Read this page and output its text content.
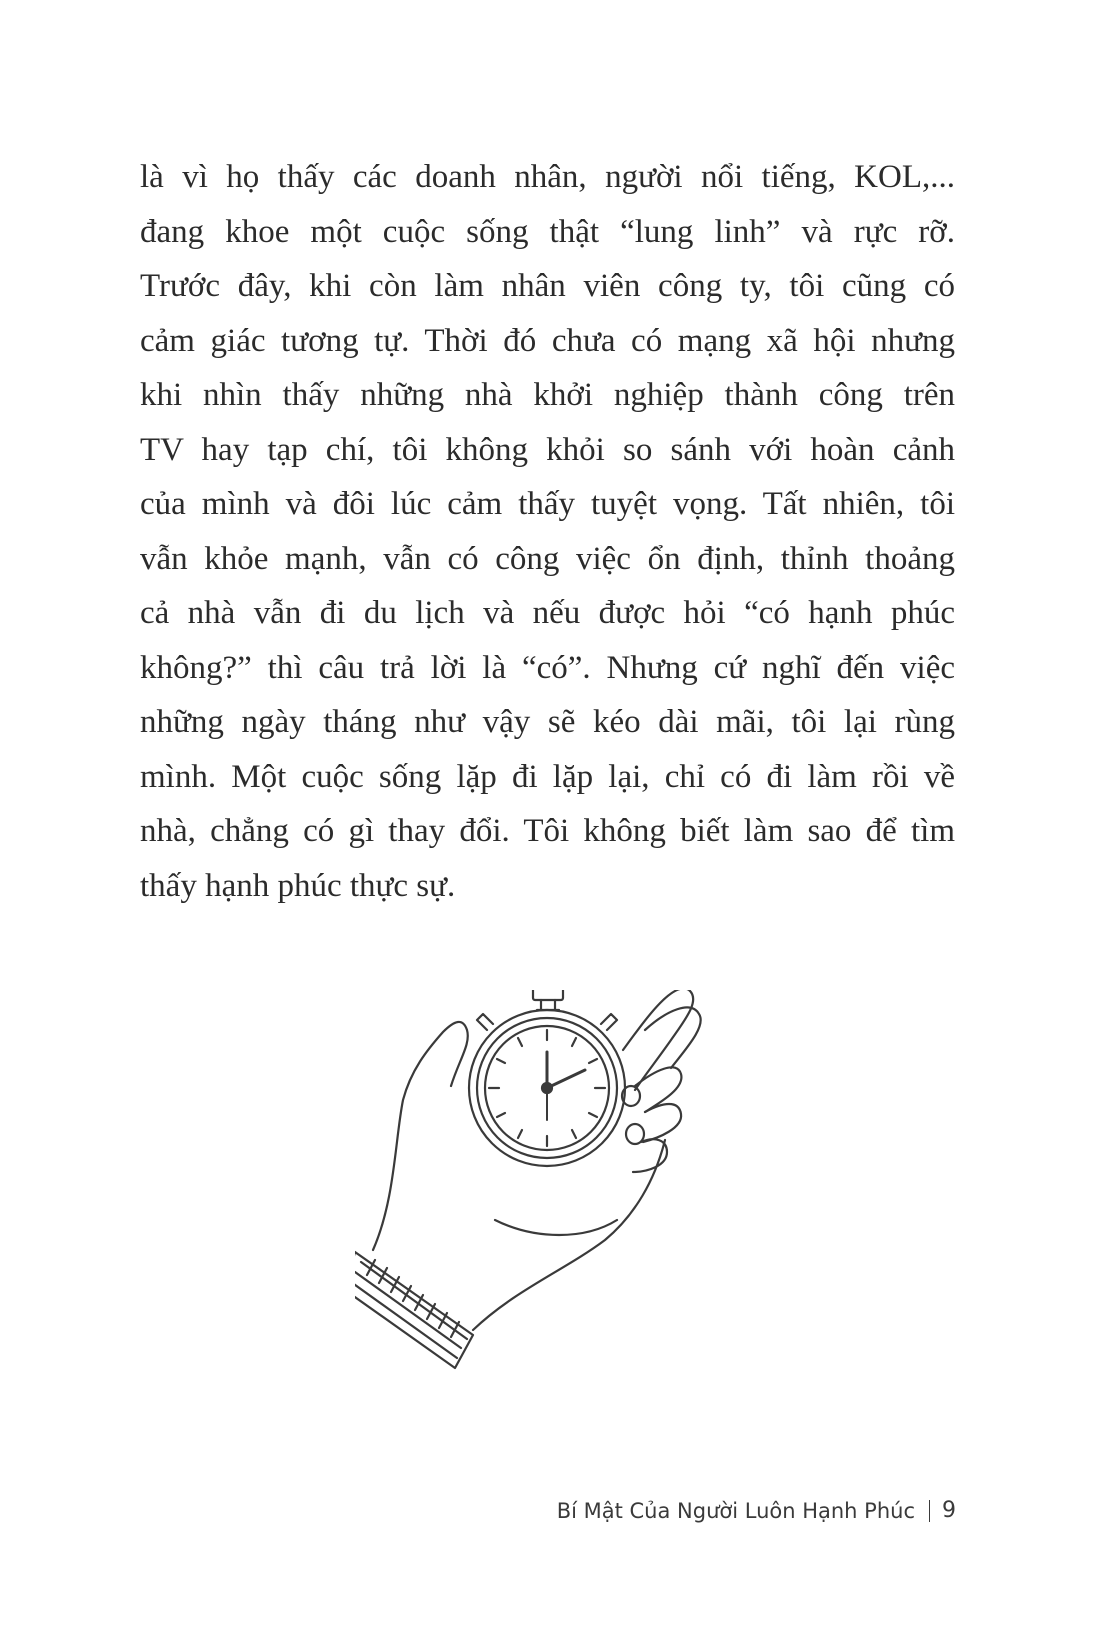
là vì họ thấy các doanh nhân, người nổi tiếng, KOL,...
đang khoe một cuộc sống thật “lung linh” và rực rỡ.
Trước đây, khi còn làm nhân viên công ty, tôi cũng có
cảm giác tương tự. Thời đó chưa có mạng xã hội nhưng
khi nhìn thấy những nhà khởi nghiệp thành công trên
TV hay tạp chí, tôi không khỏi so sánh với hoàn cảnh
của mình và đôi lúc cảm thấy tuyệt vọng. Tất nhiên, tôi
vẫn khỏe mạnh, vẫn có công việc ổn định, thỉnh thoảng
cả nhà vẫn đi du lịch và nếu được hỏi “có hạnh phúc
không?” thì câu trả lời là “có”. Nhưng cứ nghĩ đến việc
những ngày tháng như vậy sẽ kéo dài mãi, tôi lại rùng
mình. Một cuộc sống lặp đi lặp lại, chỉ có đi làm rồi về
nhà, chẳng có gì thay đổi. Tôi không biết làm sao để tìm
thấy hạnh phúc thực sự.
Bí Mật Của Người Luôn Hạnh Phúc 9
